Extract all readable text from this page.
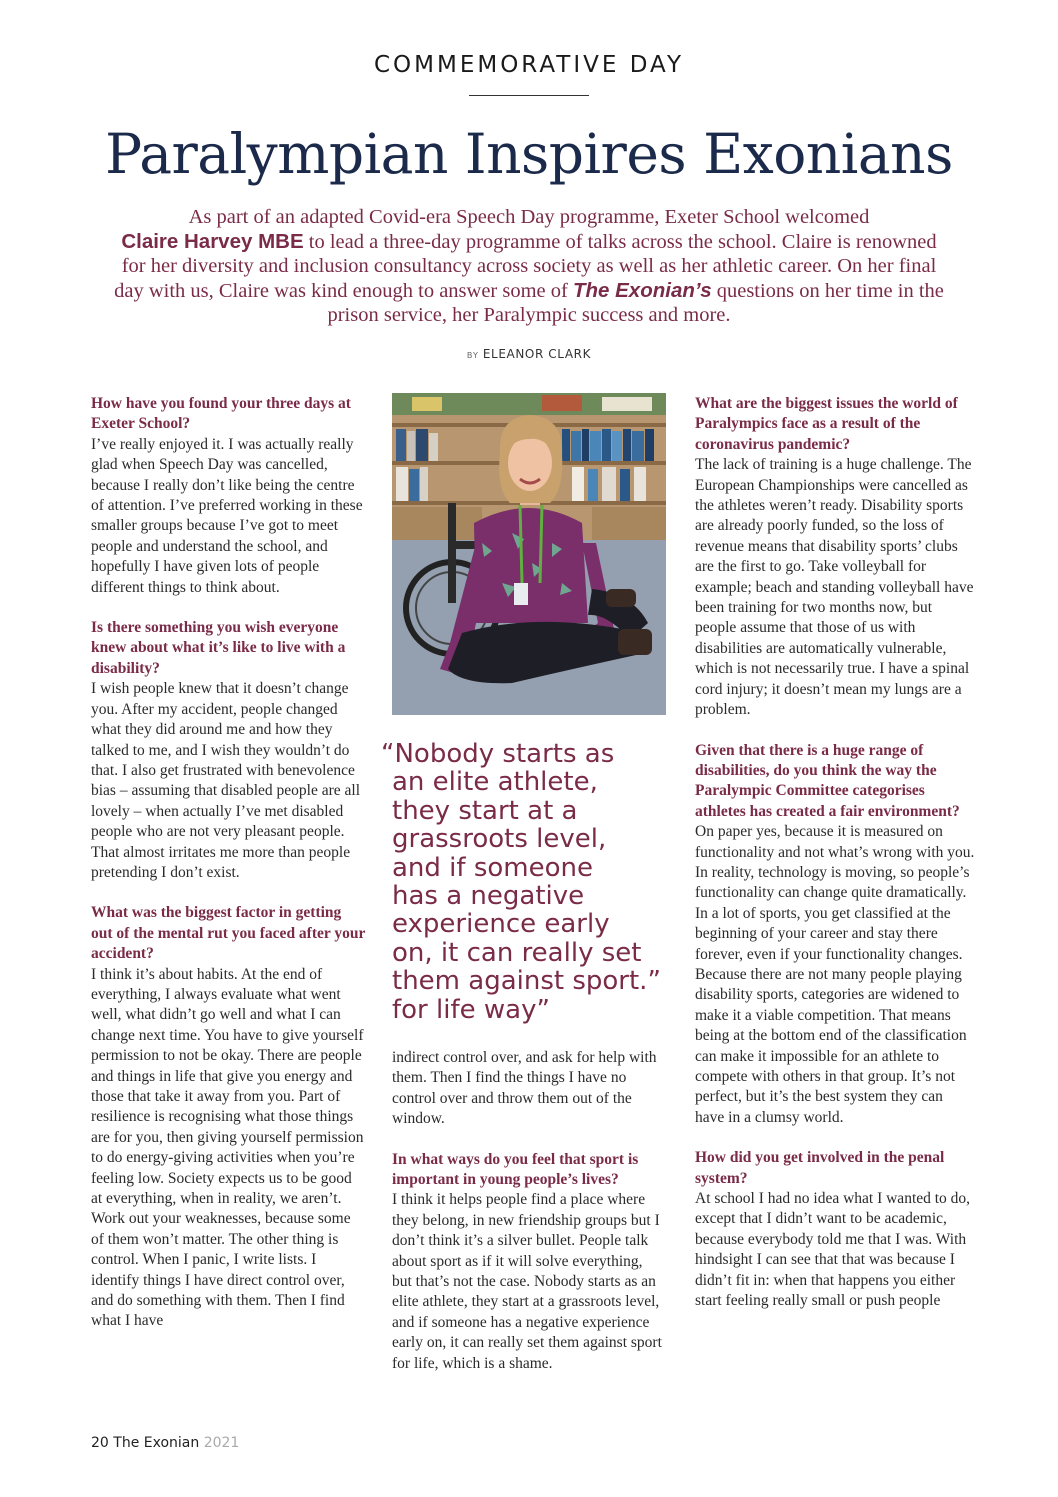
COMMEMORATIVE DAY
Paralympian Inspires Exonians
As part of an adapted Covid-era Speech Day programme, Exeter School welcomed
Claire Harvey MBE to lead a three-day programme of talks across the school. Claire is renowned for her diversity and inclusion consultancy across society as well as her athletic career. On her final day with us, Claire was kind enough to answer some of The Exonian’s questions on her time in the prison service, her Paralympic success and more.
BY ELEANOR CLARK

How have you found your three days at Exeter School?

I’ve really enjoyed it. I was actually really glad when Speech Day was cancelled, because I really don’t like being the centre of attention. I’ve preferred working in these smaller groups because I’ve got to meet people and understand the school, and hopefully I have given lots of people different things to think about.

Is there something you wish everyone knew about what it’s like to live with a disability?

I wish people knew that it doesn’t change you. After my accident, people changed what they did around me and how they talked to me, and I wish they wouldn’t do that. I also get frustrated with benevolence bias – assuming that disabled people are all lovely – when actually I’ve met disabled people who are not very pleasant people. That almost irritates me more than people pretending I don’t exist.

What was the biggest factor in getting out of the mental rut you faced after your accident?

I think it’s about habits. At the end of everything, I always evaluate what went well, what didn’t go well and what I can change next time. You have to give yourself permission to not be okay. There are people and things in life that give you energy and those that take it away from you. Part of resilience is recognising what those things are for you, then giving yourself permission to do energy-giving activities when you’re feeling low. Society expects us to be good at everything, when in reality, we aren’t. Work out your weaknesses, because some of them won’t matter. The other thing is control. When I panic, I write lists. I identify things I have direct control over, and do something with them. Then I find what I have

“Nobody starts as
an elite athlete,
they start at a
grassroots level,
and if someone
has a negative
experience early
on, it can really set
them against sport.”
for life way”

indirect control over, and ask for help with them. Then I find the things I have no control over and throw them out of the window.

In what ways do you feel that sport is important in young people’s lives?

I think it helps people find a place where they belong, in new friendship groups but I don’t think it’s a silver bullet. People talk about sport as if it will solve everything, but that’s not the case. Nobody starts as an elite athlete, they start at a grassroots level, and if someone has a negative experience early on, it can really set them against sport for life, which is a shame.

What are the biggest issues the world of Paralympics face as a result of the coronavirus pandemic?

The lack of training is a huge challenge. The European Championships were cancelled as the athletes weren’t ready. Disability sports are already poorly funded, so the loss of revenue means that disability sports’ clubs are the first to go. Take volleyball for example; beach and standing volleyball have been training for two months now, but people assume that those of us with disabilities are automatically vulnerable, which is not necessarily true. I have a spinal cord injury; it doesn’t mean my lungs are a problem.

Given that there is a huge range of disabilities, do you think the way the Paralympic Committee categorises athletes has created a fair environment?

On paper yes, because it is measured on functionality and not what’s wrong with you. In reality, technology is moving, so people’s functionality can change quite dramatically. In a lot of sports, you get classified at the beginning of your career and stay there forever, even if your functionality changes. Because there are not many people playing disability sports, categories are widened to make it a viable competition. That means being at the bottom end of the classification can make it impossible for an athlete to compete with others in that group. It’s not perfect, but it’s the best system they can have in a clumsy world.

How did you get involved in the penal system?

At school I had no idea what I wanted to do, except that I didn’t want to be academic, because everybody told me that I was. With hindsight I can see that that was because I didn’t fit in: when that happens you either start feeling really small or push people

20 The Exonian 2021
